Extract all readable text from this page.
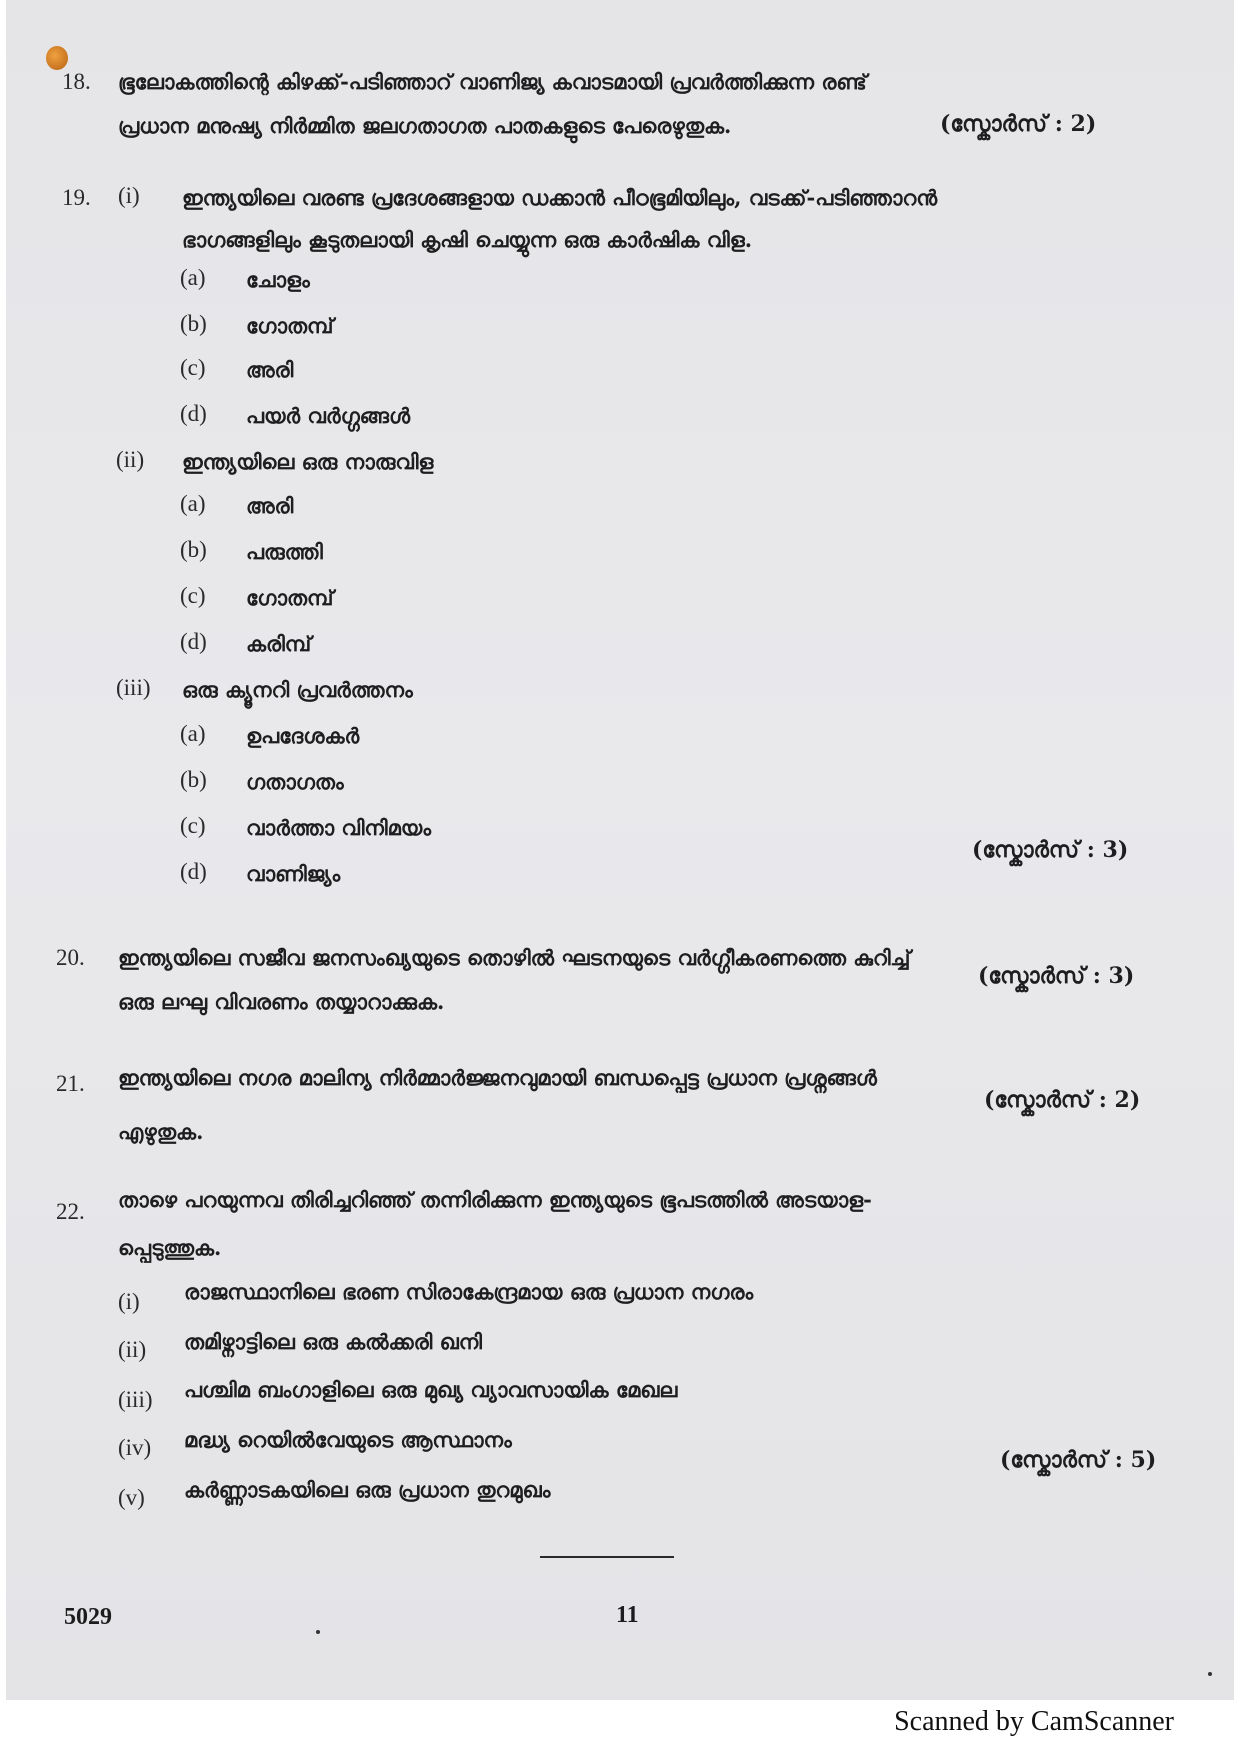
18. ഭൂലോകത്തിന്റെ കിഴക്ക്-പടിഞ്ഞാറ് വാണിജ്യ കവാടമായി പ്രവർത്തിക്കുന്ന രണ്ട്
പ്രധാന മനുഷ്യ നിർമ്മിത ജലഗതാഗത പാതകളുടെ പേരെഴുതുക.	(സ്കോർസ് : 2)
19. (i) ഇന്ത്യയിലെ വരണ്ട പ്രദേശങ്ങളായ ഡക്കാൻ പീഠഭൂമിയിലും, വടക്ക്-പടിഞ്ഞാറൻ
ഭാഗങ്ങളിലും കൂടുതലായി കൃഷി ചെയ്യുന്ന ഒരു കാർഷിക വിള.
(a) ചോളം
(b) ഗോതമ്പ്
(c) അരി
(d) പയർ വർഗ്ഗങ്ങൾ
(ii) ഇന്ത്യയിലെ ഒരു നാരുവിള
(a) അരി
(b) പരുത്തി
(c) ഗോതമ്പ്
(d) കരിമ്പ്
(iii) ഒരു ക്യൂനറി പ്രവർത്തനം
(a) ഉപദേശകർ
(b) ഗതാഗതം
(c) വാർത്താ വിനിമയം
(d) വാണിജ്യം
(സ്കോർസ് : 3)
20. ഇന്ത്യയിലെ സജീവ ജനസംഖ്യയുടെ തൊഴിൽ ഘടനയുടെ വർഗ്ഗീകരണത്തെ കുറിച്ച്
(സ്കോർസ് : 3)
ഒരു ലഘു വിവരണം തയ്യാറാക്കുക.
21. ഇന്ത്യയിലെ നഗര മാലിന്യ നിർമ്മാർജ്ജനവുമായി ബന്ധപ്പെട്ട പ്രധാന പ്രശ്നങ്ങൾ
(സ്കോർസ് : 2)
എഴുതുക.
22. താഴെ പറയുന്നവ തിരിച്ചറിഞ്ഞ് തന്നിരിക്കുന്ന ഇന്ത്യയുടെ ഭൂപടത്തിൽ അടയാള-
പ്പെടുത്തുക.
(i) രാജസ്ഥാനിലെ ഭരണ സിരാകേന്ദ്രമായ ഒരു പ്രധാന നഗരം
(ii) തമിഴ്നാട്ടിലെ ഒരു കൽക്കരി ഖനി
(iii) പശ്ചിമ ബംഗാളിലെ ഒരു മുഖ്യ വ്യാവസായിക മേഖല
(iv) മദ്ധ്യ റെയിൽവേയുടെ ആസ്ഥാനം
(v) കർണ്ണാടകയിലെ ഒരു പ്രധാന തുറമുഖം
(സ്കോർസ് : 5)
5029	11
Scanned by CamScanner
